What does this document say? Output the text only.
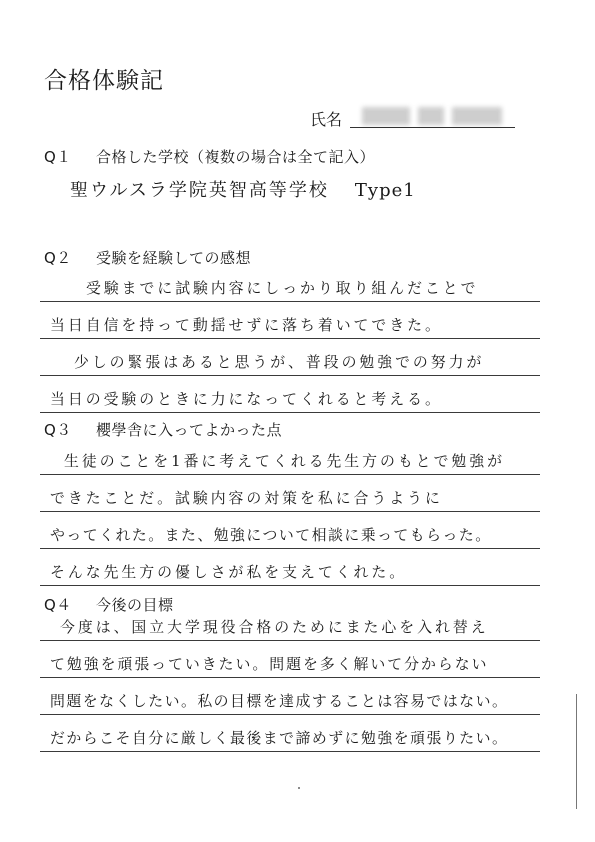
合格体験記
氏名
Q１ 合格した学校（複数の場合は全て記入）
聖ウルスラ学院英智高等学校 Type1
Q２ 受験を経験しての感想
受験までに試験内容にしっかり取り組んだことで
当日自信を持って動揺せずに落ち着いてできた。
少しの緊張はあると思うが、普段の勉強での努力が
当日の受験のときに力になってくれると考える。
Q３ 櫻學舎に入ってよかった点
生徒のことを1番に考えてくれる先生方のもとで勉強が
できたことだ。試験内容の対策を私に合うように
やってくれた。また、勉強について相談に乗ってもらった。
そんな先生方の優しさが私を支えてくれた。
Q４ 今後の目標
今度は、国立大学現役合格のためにまた心を入れ替え
て勉強を頑張っていきたい。問題を多く解いて分からない
問題をなくしたい。私の目標を達成することは容易ではない。
だからこそ自分に厳しく最後まで諦めずに勉強を頑張りたい。
